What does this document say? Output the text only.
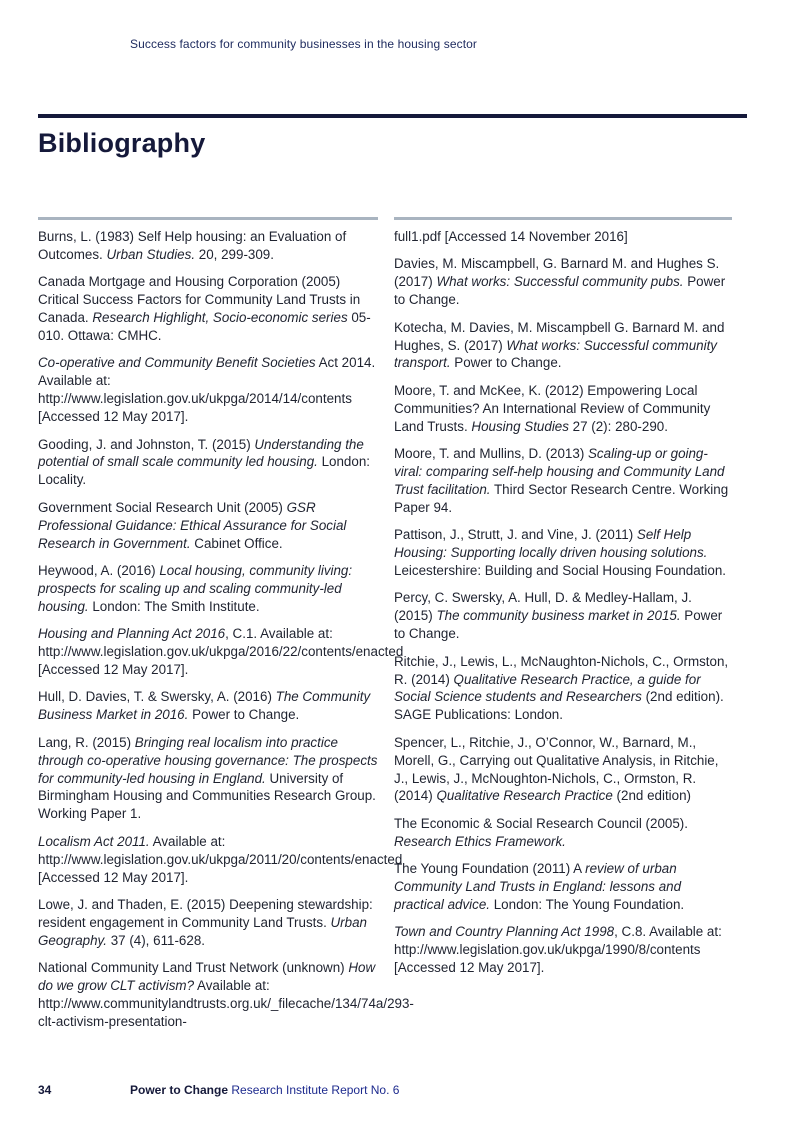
Success factors for community businesses in the housing sector
Bibliography

Burns, L. (1983) Self Help housing: an Evaluation of Outcomes. Urban Studies. 20, 299-309.

Canada Mortgage and Housing Corporation (2005) Critical Success Factors for Community Land Trusts in Canada. Research Highlight, Socio-economic series 05-010. Ottawa: CMHC.

Co-operative and Community Benefit Societies Act 2014. Available at: http://www.legislation.gov.uk/ukpga/2014/14/contents [Accessed 12 May 2017].

Gooding, J. and Johnston, T. (2015) Understanding the potential of small scale community led housing. London: Locality.

Government Social Research Unit (2005) GSR Professional Guidance: Ethical Assurance for Social Research in Government. Cabinet Office.

Heywood, A. (2016) Local housing, community living: prospects for scaling up and scaling community-led housing. London: The Smith Institute.

Housing and Planning Act 2016, C.1. Available at: http://www.legislation.gov.uk/ukpga/2016/22/contents/enacted [Accessed 12 May 2017].

Hull, D. Davies, T. & Swersky, A. (2016) The Community Business Market in 2016. Power to Change.

Lang, R. (2015) Bringing real localism into practice through co-operative housing governance: The prospects for community-led housing in England. University of Birmingham Housing and Communities Research Group. Working Paper 1.

Localism Act 2011. Available at: http://www.legislation.gov.uk/ukpga/2011/20/contents/enacted [Accessed 12 May 2017].

Lowe, J. and Thaden, E. (2015) Deepening stewardship: resident engagement in Community Land Trusts. Urban Geography. 37 (4), 611-628.

National Community Land Trust Network (unknown) How do we grow CLT activism? Available at: http://www.communitylandtrusts.org.uk/_filecache/134/74a/293-clt-activism-presentation-

full1.pdf [Accessed 14 November 2016]

Davies, M. Miscampbell, G. Barnard M. and Hughes S. (2017) What works: Successful community pubs. Power to Change.

Kotecha, M. Davies, M. Miscampbell G. Barnard M. and Hughes, S. (2017) What works: Successful community transport. Power to Change.

Moore, T. and McKee, K. (2012) Empowering Local Communities? An International Review of Community Land Trusts. Housing Studies 27 (2): 280-290.

Moore, T. and Mullins, D. (2013) Scaling-up or going-viral: comparing self-help housing and Community Land Trust facilitation. Third Sector Research Centre. Working Paper 94.

Pattison, J., Strutt, J. and Vine, J. (2011) Self Help Housing: Supporting locally driven housing solutions. Leicestershire: Building and Social Housing Foundation.

Percy, C. Swersky, A. Hull, D. & Medley-Hallam, J. (2015) The community business market in 2015. Power to Change.

Ritchie, J., Lewis, L., McNaughton-Nichols, C., Ormston, R. (2014) Qualitative Research Practice, a guide for Social Science students and Researchers (2nd edition). SAGE Publications: London.

Spencer, L., Ritchie, J., O’Connor, W., Barnard, M., Morell, G., Carrying out Qualitative Analysis, in Ritchie, J., Lewis, J., McNoughton-Nichols, C., Ormston, R. (2014) Qualitative Research Practice (2nd edition)

The Economic & Social Research Council (2005). Research Ethics Framework.

The Young Foundation (2011) A review of urban Community Land Trusts in England: lessons and practical advice. London: The Young Foundation.

Town and Country Planning Act 1998, C.8. Available at: http://www.legislation.gov.uk/ukpga/1990/8/contents [Accessed 12 May 2017].

34	Power to Change Research Institute Report No. 6
